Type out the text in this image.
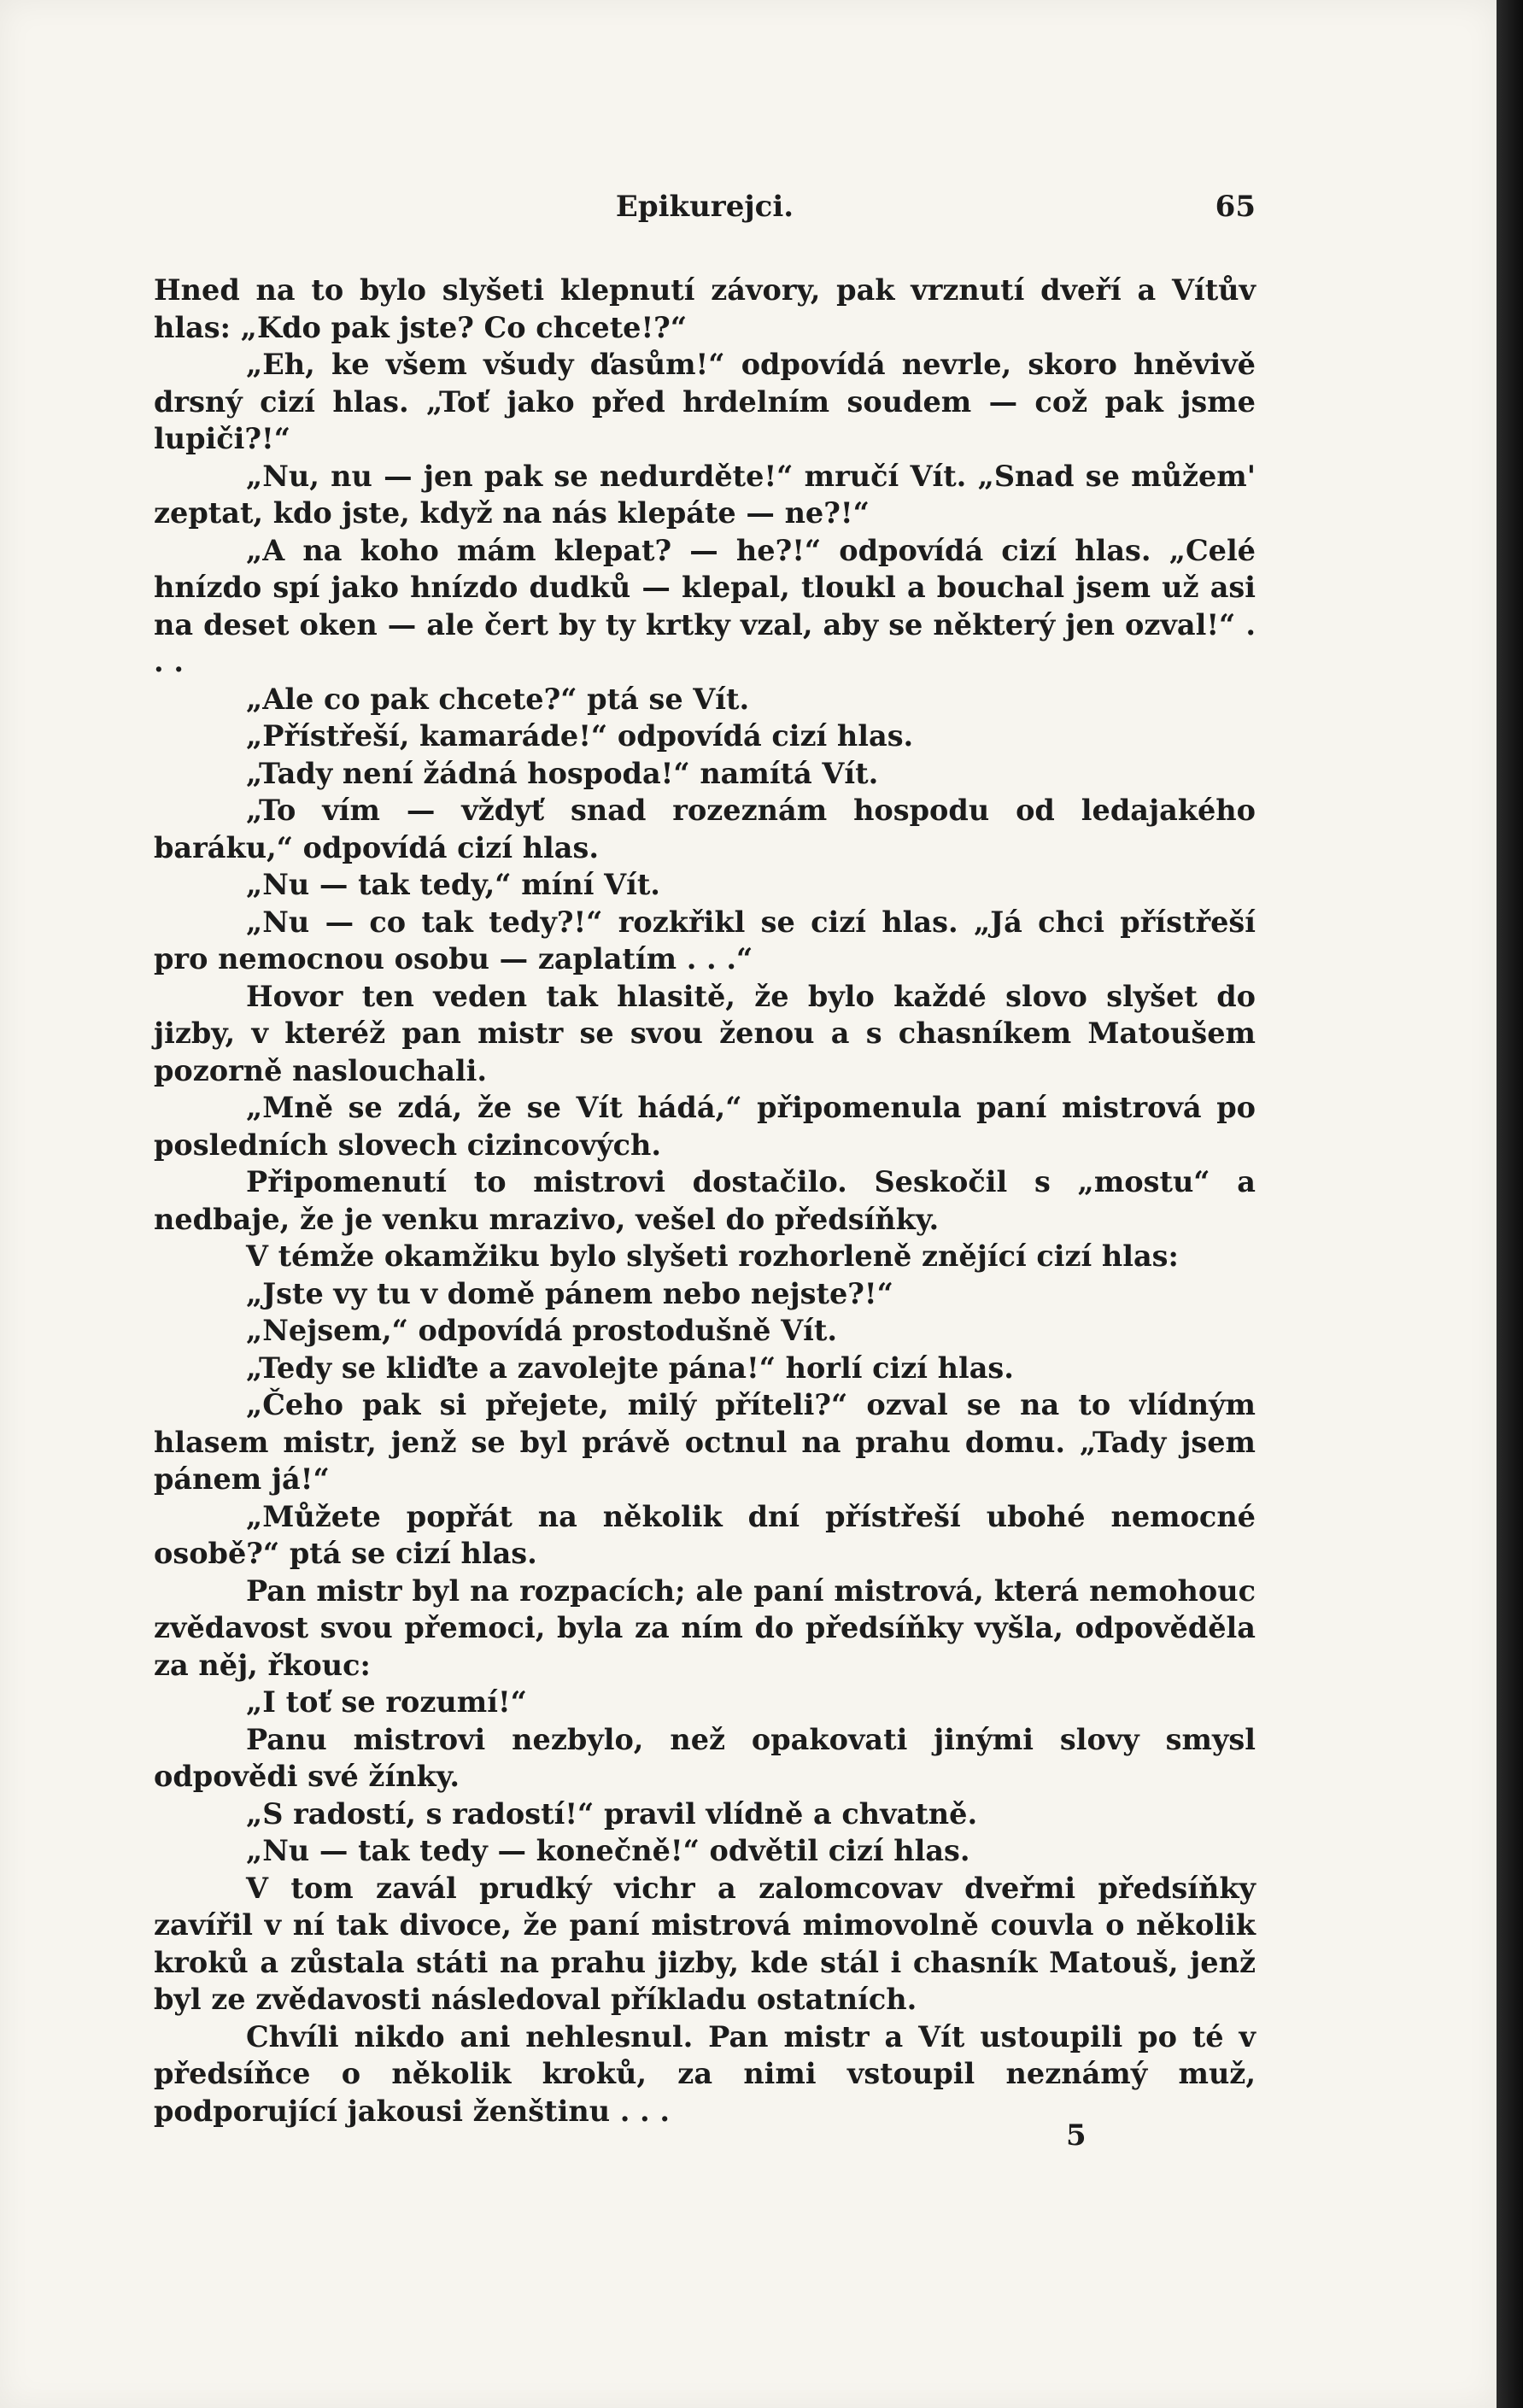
Epikurejci.	65

Hned na to bylo slyšeti klepnutí závory, pak vrznutí dveří a Vítův hlas: „Kdo pak jste? Co chcete!?“

„Eh, ke všem všudy ďasům!“ odpovídá nevrle, skoro hněvivě drsný cizí hlas. „Toť jako před hrdelním soudem — což pak jsme lupiči?!“

„Nu, nu — jen pak se nedurděte!“ mručí Vít. „Snad se můžem' zeptat, kdo jste, když na nás klepáte — ne?!“

„A na koho mám klepat? — he?!“ odpovídá cizí hlas. „Celé hnízdo spí jako hnízdo dudků — klepal, tloukl a bouchal jsem už asi na deset oken — ale čert by ty krtky vzal, aby se některý jen ozval!“ . . .

„Ale co pak chcete?“ ptá se Vít.

„Přístřeší, kamaráde!“ odpovídá cizí hlas.

„Tady není žádná hospoda!“ namítá Vít.

„To vím — vždyť snad rozeznám hospodu od ledajakého baráku,“ odpovídá cizí hlas.

„Nu — tak tedy,“ míní Vít.

„Nu — co tak tedy?!“ rozkřikl se cizí hlas. „Já chci přístřeší pro nemocnou osobu — zaplatím . . .“

Hovor ten veden tak hlasitě, že bylo každé slovo slyšet do jizby, v kteréž pan mistr se svou ženou a s chasníkem Matoušem pozorně naslouchali.

„Mně se zdá, že se Vít hádá,“ připomenula paní mistrová po posledních slovech cizincových.

Připomenutí to mistrovi dostačilo. Seskočil s „mostu“ a nedbaje, že je venku mrazivo, vešel do předsíňky.

V témže okamžiku bylo slyšeti rozhorleně znějící cizí hlas:

„Jste vy tu v domě pánem nebo nejste?!“

„Nejsem,“ odpovídá prostodušně Vít.

„Tedy se kliďte a zavolejte pána!“ horlí cizí hlas.

„Čeho pak si přejete, milý příteli?“ ozval se na to vlídným hlasem mistr, jenž se byl právě octnul na prahu domu. „Tady jsem pánem já!“

„Můžete popřát na několik dní přístřeší ubohé nemocné osobě?“ ptá se cizí hlas.

Pan mistr byl na rozpacích; ale paní mistrová, která nemohouc zvědavost svou přemoci, byla za ním do předsíňky vyšla, odpověděla za něj, řkouc:

„I toť se rozumí!“

Panu mistrovi nezbylo, než opakovati jinými slovy smysl odpovědi své žínky.

„S radostí, s radostí!“ pravil vlídně a chvatně.

„Nu — tak tedy — konečně!“ odvětil cizí hlas.

V tom zavál prudký vichr a zalomcovav dveřmi předsíňky zavířil v ní tak divoce, že paní mistrová mimovolně couvla o několik kroků a zůstala státi na prahu jizby, kde stál i chasník Matouš, jenž byl ze zvědavosti následoval příkladu ostatních.

Chvíli nikdo ani nehlesnul. Pan mistr a Vít ustoupili po té v předsíňce o několik kroků, za nimi vstoupil neznámý muž, podporující jakousi ženštinu . . .

5
